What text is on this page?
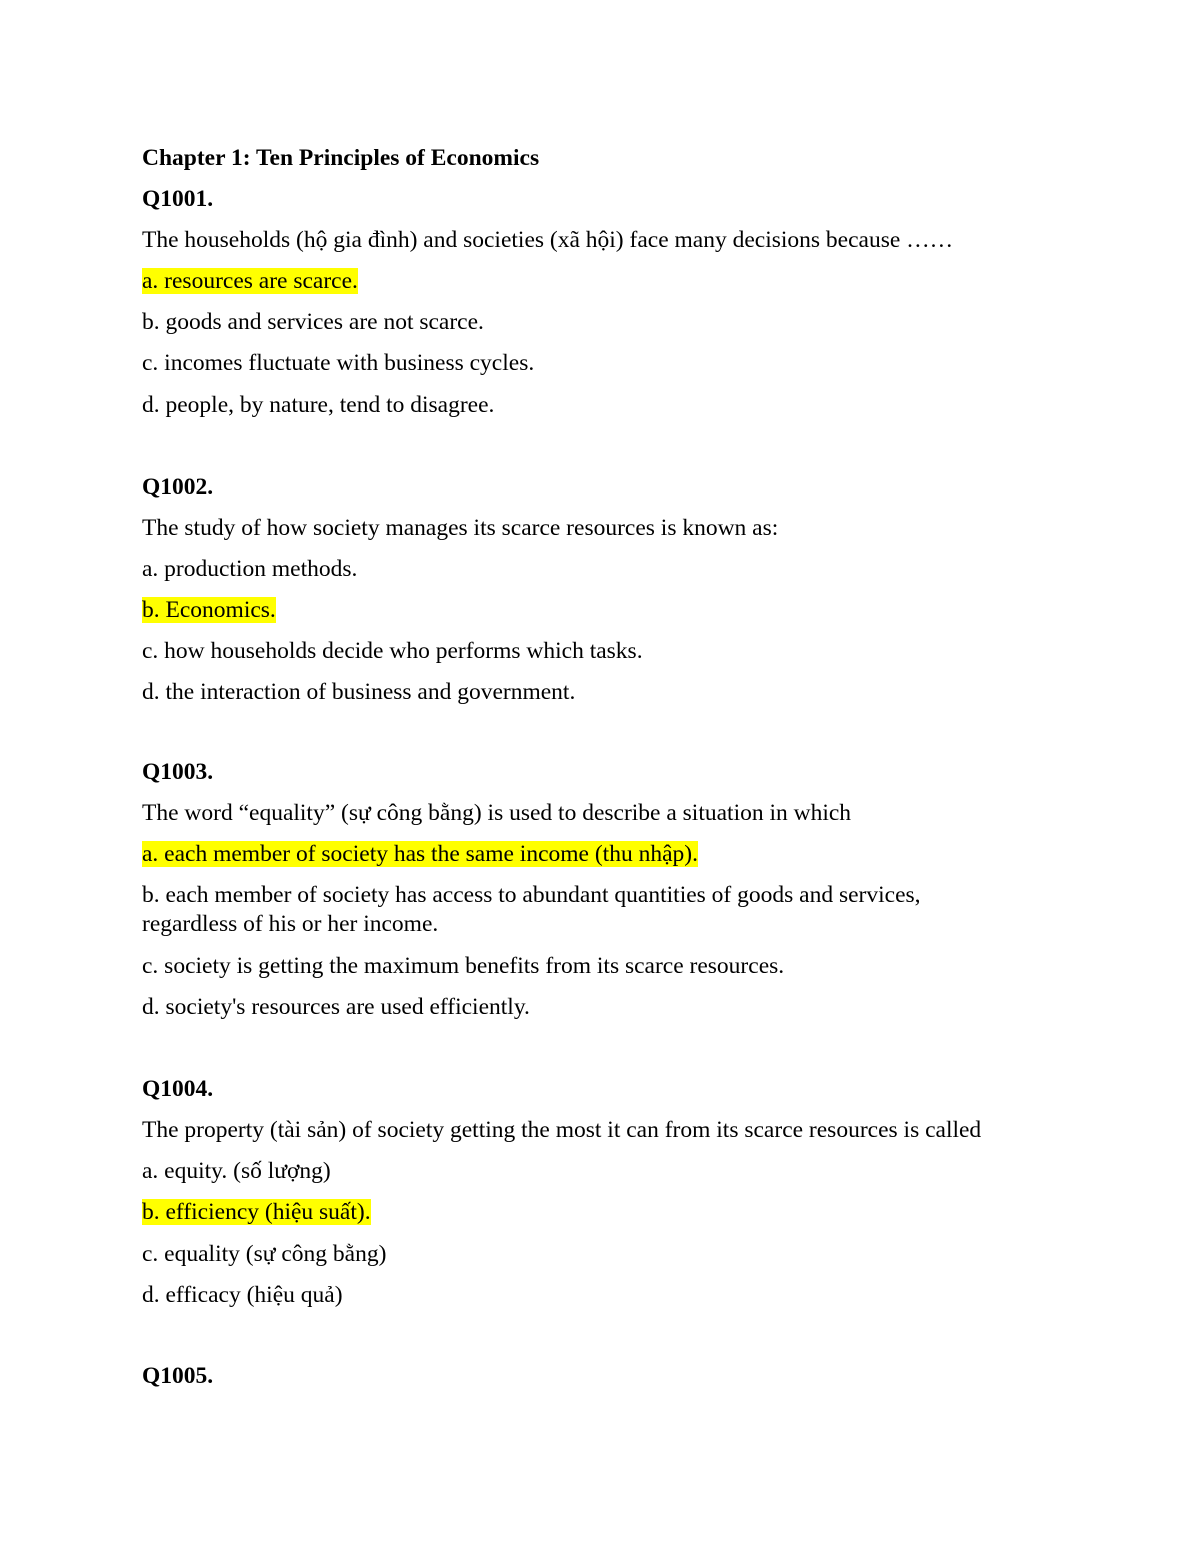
Chapter 1: Ten Principles of Economics
Q1001.
The households (hộ gia đình) and societies (xã hội) face many decisions because ……
a. resources are scarce.
b. goods and services are not scarce.
c. incomes fluctuate with business cycles.
d. people, by nature, tend to disagree.
Q1002.
The study of how society manages its scarce resources is known as:
a. production methods.
b. Economics.
c. how households decide who performs which tasks.
d. the interaction of business and government.
Q1003.
The word “equality” (sự công bằng) is used to describe a situation in which
a. each member of society has the same income (thu nhập).
b. each member of society has access to abundant quantities of goods and services, regardless of his or her income.
c. society is getting the maximum benefits from its scarce resources.
d. society's resources are used efficiently.
Q1004.
The property (tài sản) of society getting the most it can from its scarce resources is called
a. equity. (số lượng)
b. efficiency (hiệu suất).
c. equality (sự công bằng)
d. efficacy (hiệu quả)
Q1005.
